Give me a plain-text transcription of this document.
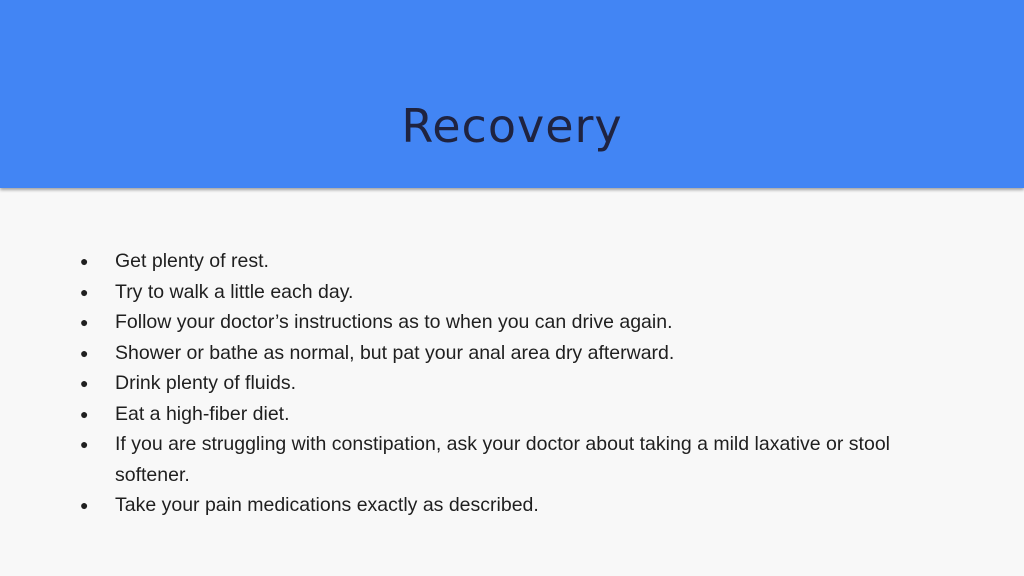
Recovery
●	Get plenty of rest.
●	Try to walk a little each day.
●	Follow your doctor’s instructions as to when you can drive again.
●	Shower or bathe as normal, but pat your anal area dry afterward.
●	Drink plenty of fluids.
●	Eat a high-fiber diet.
●	If you are struggling with constipation, ask your doctor about taking a mild laxative or stool softener.
●	Take your pain medications exactly as described.
